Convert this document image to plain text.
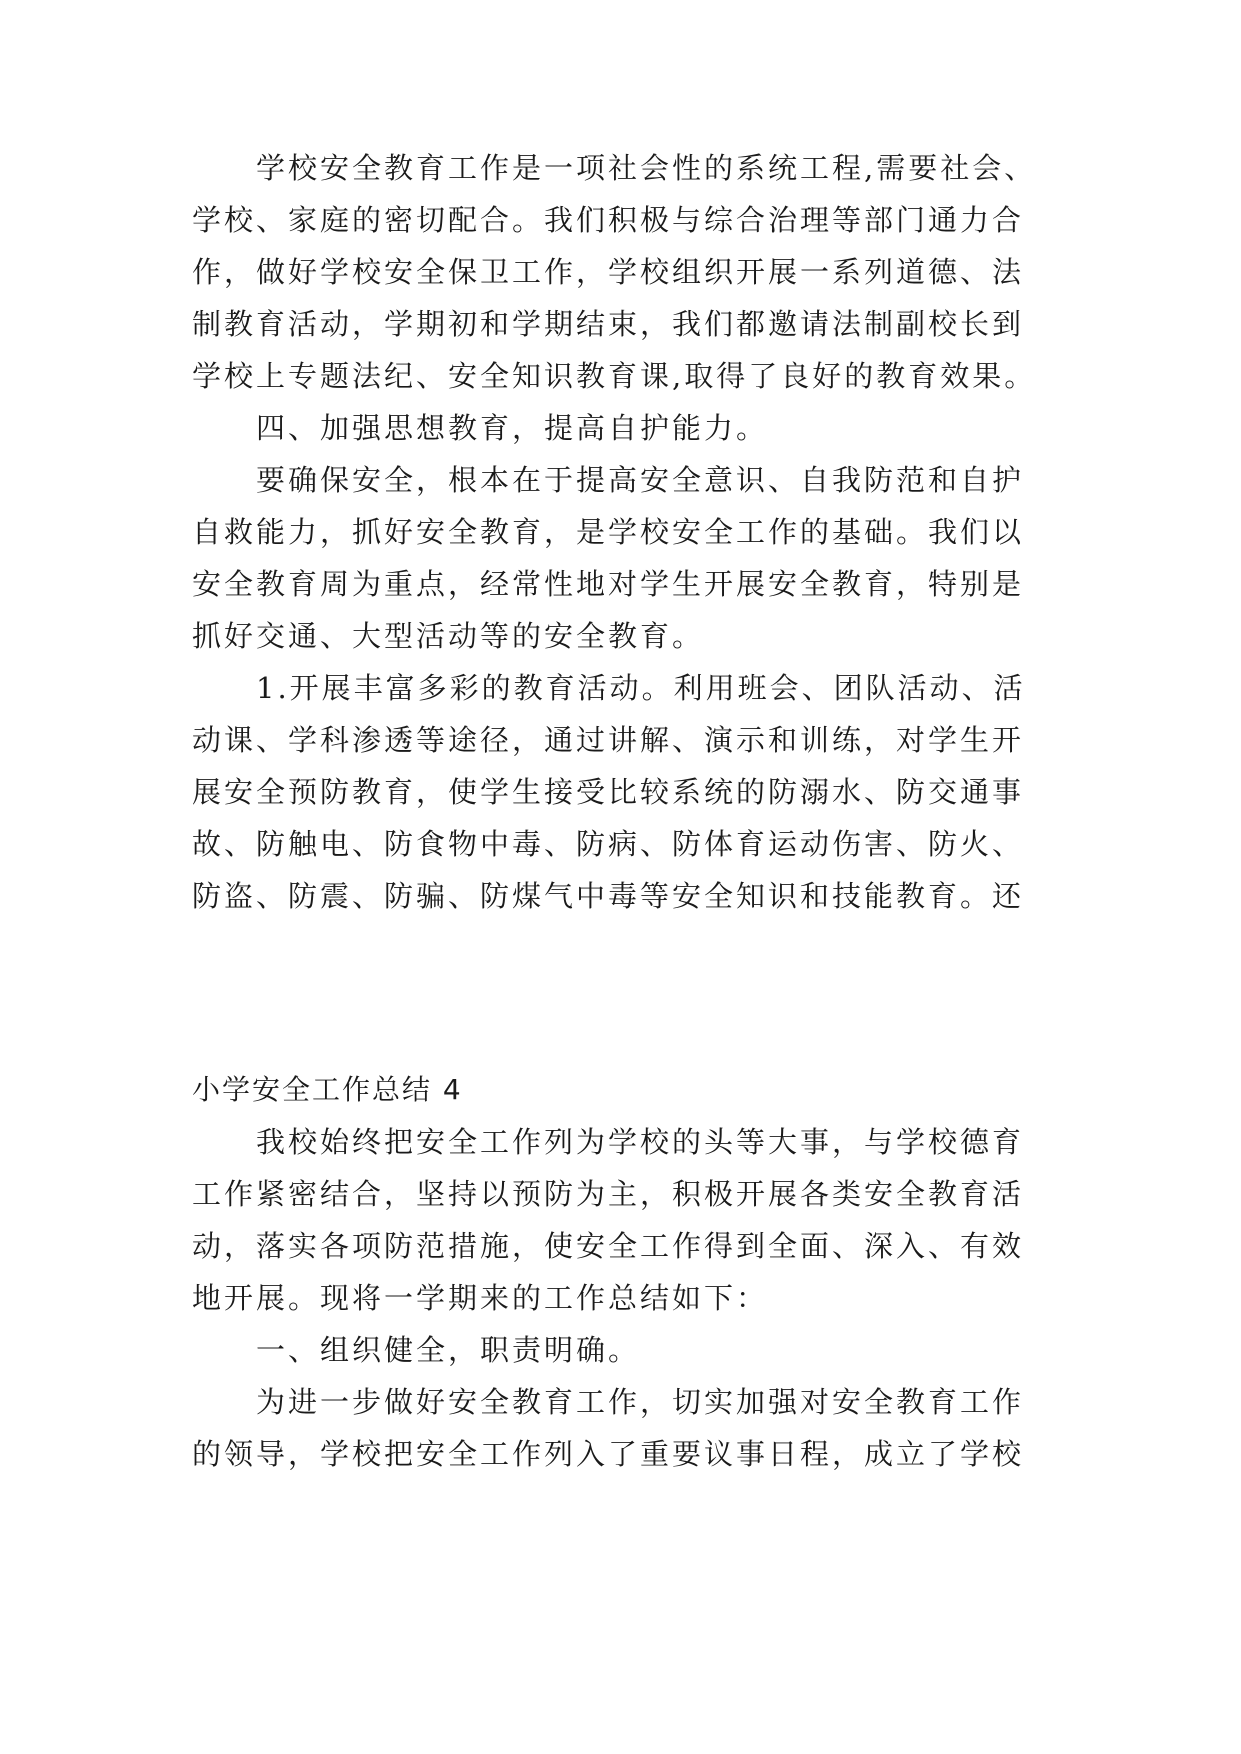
学校安全教育工作是一项社会性的系统工程,需要社会、
学校、家庭的密切配合。我们积极与综合治理等部门通力合
作，做好学校安全保卫工作，学校组织开展一系列道德、法
制教育活动，学期初和学期结束，我们都邀请法制副校长到
学校上专题法纪、安全知识教育课,取得了良好的教育效果。
四、加强思想教育，提高自护能力。
要确保安全，根本在于提高安全意识、自我防范和自护
自救能力，抓好安全教育，是学校安全工作的基础。我们以
安全教育周为重点，经常性地对学生开展安全教育，特别是
抓好交通、大型活动等的安全教育。
1.开展丰富多彩的教育活动。利用班会、团队活动、活
动课、学科渗透等途径，通过讲解、演示和训练，对学生开
展安全预防教育，使学生接受比较系统的防溺水、防交通事
故、防触电、防食物中毒、防病、防体育运动伤害、防火、
防盗、防震、防骗、防煤气中毒等安全知识和技能教育。还
小学安全工作总结 4
我校始终把安全工作列为学校的头等大事，与学校德育
工作紧密结合，坚持以预防为主，积极开展各类安全教育活
动，落实各项防范措施，使安全工作得到全面、深入、有效
地开展。现将一学期来的工作总结如下：
一、组织健全，职责明确。
为进一步做好安全教育工作，切实加强对安全教育工作
的领导，学校把安全工作列入了重要议事日程，成立了学校
